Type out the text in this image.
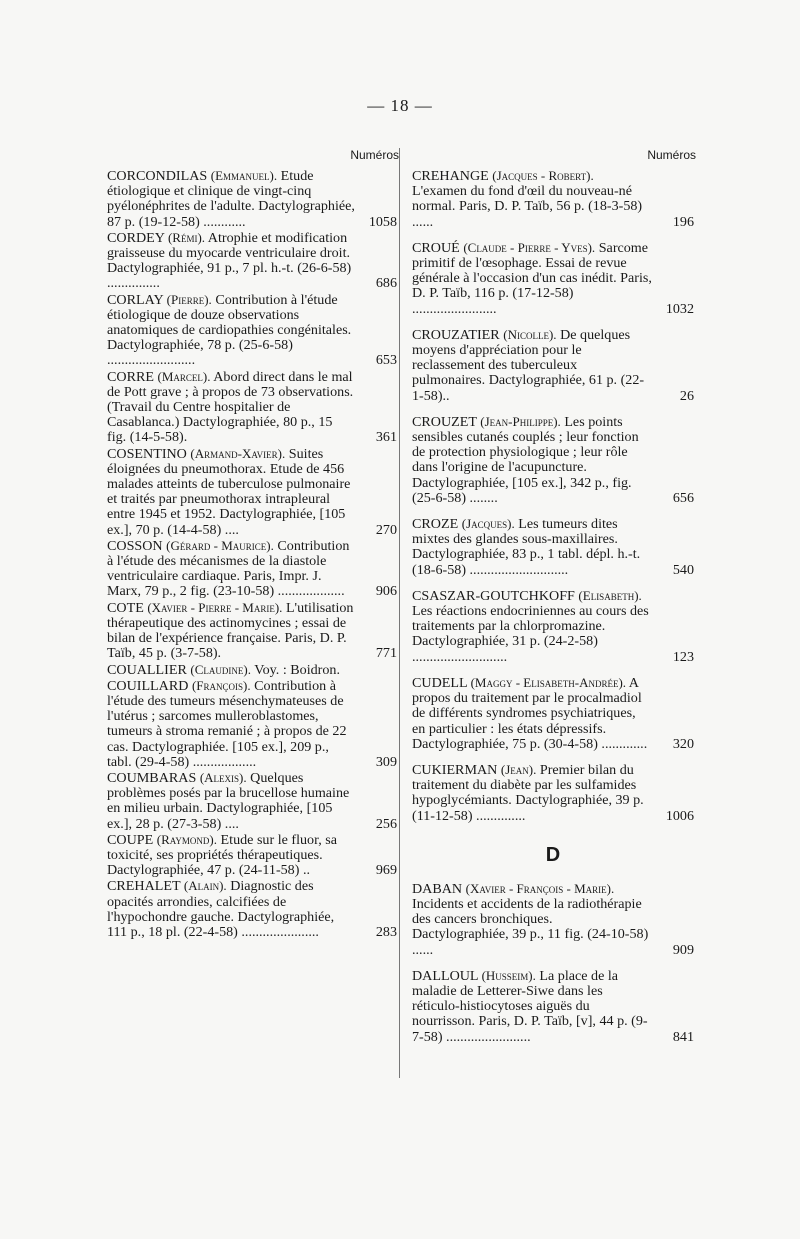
— 18 —
Numéros
CORCONDILAS (Emmanuel). Etude étiologique et clinique de vingt-cinq pyélonéphrites de l'adulte. Dactylographiée, 87 p. (19-12-58) ............	1058
CORDEY (Rémi). Atrophie et modification graisseuse du myocarde ventriculaire droit. Dactylographiée, 91 p., 7 pl. h.-t. (26-6-58) ...............	686
CORLAY (Pierre). Contribution à l'étude étiologique de douze observations anatomiques de cardiopathies congénitales. Dactylographiée, 78 p. (25-6-58) .........................	653
CORRE (Marcel). Abord direct dans le mal de Pott grave ; à propos de 73 observations. (Travail du Centre hospitalier de Casablanca.) Dactylographiée, 80 p., 15 fig. (14-5-58).	361
COSENTINO (Armand-Xavier). Suites éloignées du pneumothorax. Etude de 456 malades atteints de tuberculose pulmonaire et traités par pneumothorax intrapleural entre 1945 et 1952. Dactylographiée, [105 ex.], 70 p. (14-4-58) ....	270
COSSON (Gérard - Maurice). Contribution à l'étude des mécanismes de la diastole ventriculaire cardiaque. Paris, Impr. J. Marx, 79 p., 2 fig. (23-10-58) ................... 906
COTE (Xavier - Pierre - Marie). L'utilisation thérapeutique des actinomycines ; essai de bilan de l'expérience française. Paris, D. P. Taïb, 45 p. (3-7-58).	771
COUALLIER (Claudine). Voy. : Boidron.
COUILLARD (François). Contribution à l'étude des tumeurs mésenchymateuses de l'utérus ; sarcomes mulleroblastomes, tumeurs à stroma remanié ; à propos de 22 cas. Dactylographiée. [105 ex.], 209 p., tabl. (29-4-58) ..................	309
COUMBARAS (Alexis). Quelques problèmes posés par la brucellose humaine en milieu urbain. Dactylographiée, [105 ex.], 28 p. (27-3-58) ....	256
COUPE (Raymond). Etude sur le fluor, sa toxicité, ses propriétés thérapeutiques. Dactylographiée, 47 p. (24-11-58) ..	969
CREHALET (Alain). Diagnostic des opacités arrondies, calcifiées de l'hypochondre gauche. Dactylographiée, 111 p., 18 pl. (22-4-58) ......................	283
Numéros
CREHANGE (Jacques - Robert). L'examen du fond d'œil du nouveau-né normal. Paris, D. P. Taïb, 56 p. (18-3-58) ......	196
CROUÉ (Claude - Pierre - Yves). Sarcome primitif de l'œsophage. Essai de revue générale à l'occasion d'un cas inédit. Paris, D. P. Taïb, 116 p. (17-12-58) ........................	1032
CROUZATIER (Nicolle). De quelques moyens d'appréciation pour le reclassement des tuberculeux pulmonaires. Dactylographiée, 61 p. (22-1-58)..	26
CROUZET (Jean-Philippe). Les points sensibles cutanés couplés ; leur fonction de protection physiologique ; leur rôle dans l'origine de l'acupuncture. Dactylographiée, [105 ex.], 342 p., fig. (25-6-58) ........	656
CROZE (Jacques). Les tumeurs dites mixtes des glandes sous-maxillaires. Dactylographiée, 83 p., 1 tabl. dépl. h.-t. (18-6-58) ............................	540
CSASZAR-GOUTCHKOFF (Elisabeth). Les réactions endocriniennes au cours des traitements par la chlorpromazine. Dactylographiée, 31 p. (24-2-58) ...........................	123
CUDELL (Maggy - Elisabeth-Andrée). A propos du traitement par le procalmadiol de différents syndromes psychiatriques, en particulier : les états dépressifs. Dactylographiée, 75 p. (30-4-58) ............. 320
CUKIERMAN (Jean). Premier bilan du traitement du diabète par les sulfamides hypoglycémiants. Dactylographiée, 39 p. (11-12-58) ..............	1006
D
DABAN (Xavier - François - Marie). Incidents et accidents de la radiothérapie des cancers bronchiques. Dactylographiée, 39 p., 11 fig. (24-10-58) ......	909
DALLOUL (Husseim). La place de la maladie de Letterer-Siwe dans les réticulo-histiocytoses aiguës du nourrisson. Paris, D. P. Taïb, [v], 44 p. (9-7-58) ........................	841
